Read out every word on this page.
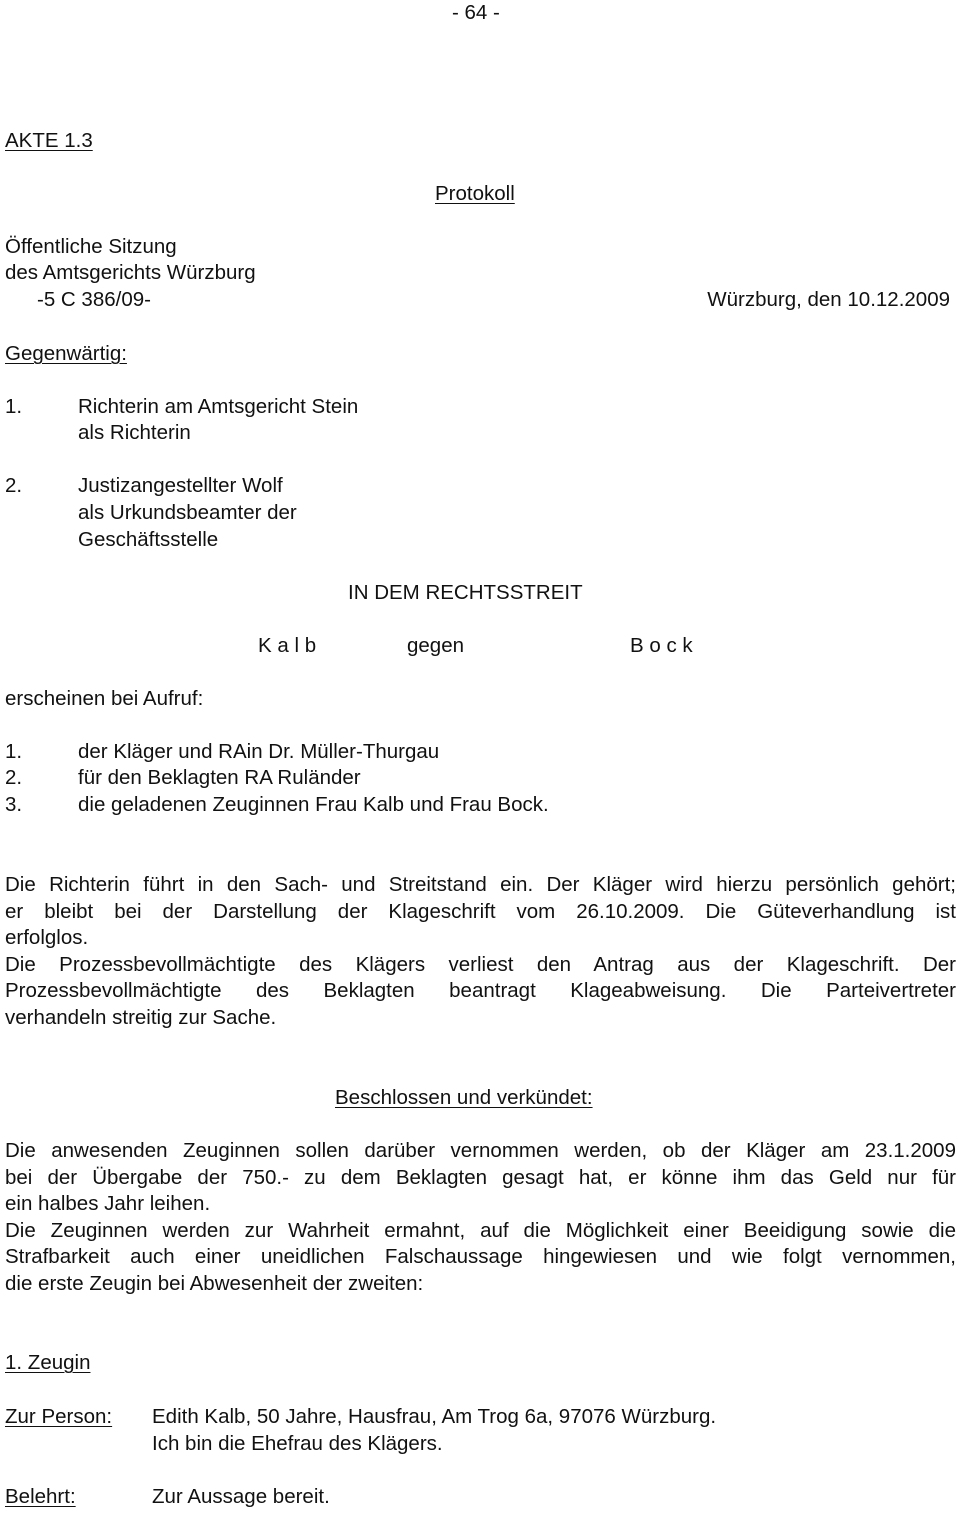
- 64 -
AKTE 1.3
Protokoll
Öffentliche Sitzung
des Amtsgerichts Würzburg
-5 C 386/09-	Würzburg, den 10.12.2009
Gegenwärtig:
1.	Richterin am Amtsgericht Stein
als Richterin
2.	Justizangestellter Wolf
als Urkundsbeamter der
Geschäftsstelle
IN DEM RECHTSSTREIT
K a l b	gegen	B o c k
erscheinen bei Aufruf:
1.	der Kläger und RAin Dr. Müller-Thurgau
2.	für den Beklagten RA Ruländer
3.	die geladenen Zeuginnen Frau Kalb und Frau Bock.
Die Richterin führt in den Sach- und Streitstand ein. Der Kläger wird hierzu persönlich gehört;
er bleibt bei der Darstellung der Klageschrift vom 26.10.2009. Die Güteverhandlung ist
erfolglos.
Die Prozessbevollmächtigte des Klägers verliest den Antrag aus der Klageschrift. Der
Prozessbevollmächtigte des Beklagten beantragt Klageabweisung. Die Parteivertreter
verhandeln streitig zur Sache.
Beschlossen und verkündet:
Die anwesenden Zeuginnen sollen darüber vernommen werden, ob der Kläger am 23.1.2009
bei der Übergabe der 750.- zu dem Beklagten gesagt hat, er könne ihm das Geld nur für
ein halbes Jahr leihen.
Die Zeuginnen werden zur Wahrheit ermahnt, auf die Möglichkeit einer Beeidigung sowie die
Strafbarkeit auch einer uneidlichen Falschaussage hingewiesen und wie folgt vernommen,
die erste Zeugin bei Abwesenheit der zweiten:
1. Zeugin
Zur Person: Edith Kalb, 50 Jahre, Hausfrau, Am Trog 6a, 97076 Würzburg.
Ich bin die Ehefrau des Klägers.
Belehrt:	Zur Aussage bereit.
